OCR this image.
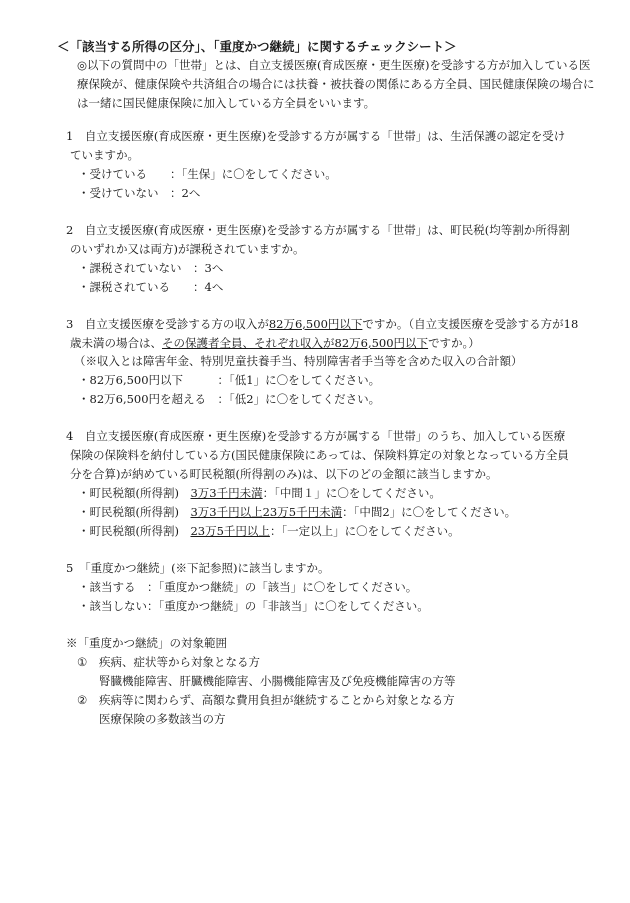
＜「該当する所得の区分」、「重度かつ継続」に関するチェックシート＞
◎以下の質問中の「世帯」とは、自立支援医療(育成医療・更生医療)を受診する方が加入している医療保険が、健康保険や共済組合の場合には扶養・被扶養の関係にある方全員、国民健康保険の場合には一緒に国民健康保険に加入している方全員をいいます。
1　自立支援医療(育成医療・更生医療)を受診する方が属する「世帯」は、生活保護の認定を受け
ていますか。
・受けている　　：「生保」に〇をしてください。
・受けていない　：2へ
2　自立支援医療(育成医療・更生医療)を受診する方が属する「世帯」は、町民税(均等割か所得割
のいずれか又は両方)が課税されていますか。
・課税されていない　：3へ
・課税されている　　：4へ
3　自立支援医療を受診する方の収入が82万6,500円以下ですか。（自立支援医療を受診する方が18
歳未満の場合は、その保護者全員、それぞれ収入が82万6,500円以下ですか。）
（※収入とは障害年金、特別児童扶養手当、特別障害者手当等を含めた収入の合計額）
・82万6,500円以下　　　：「低1」に〇をしてください。
・82万6,500円を超える　：「低2」に〇をしてください。
4　自立支援医療(育成医療・更生医療)を受診する方が属する「世帯」のうち、加入している医療
保険の保険料を納付している方(国民健康保険にあっては、保険料算定の対象となっている方全員
分を合算)が納めている町民税額(所得割のみ)は、以下のどの金額に該当しますか。
・町民税額(所得割)　3万3千円未満：「中間１」に〇をしてください。
・町民税額(所得割)　3万3千円以上23万5千円未満：「中間2」に〇をしてください。
・町民税額(所得割)　23万5千円以上：「一定以上」に〇をしてください。
5　「重度かつ継続」(※下記参照)に該当しますか。
・該当する　：「重度かつ継続」の「該当」に〇をしてください。
・該当しない：「重度かつ継続」の「非該当」に〇をしてください。
※「重度かつ継続」の対象範囲
① 疾病、症状等から対象となる方
腎臓機能障害、肝臓機能障害、小腸機能障害及び免疫機能障害の方等
② 疾病等に関わらず、高額な費用負担が継続することから対象となる方
医療保険の多数該当の方
